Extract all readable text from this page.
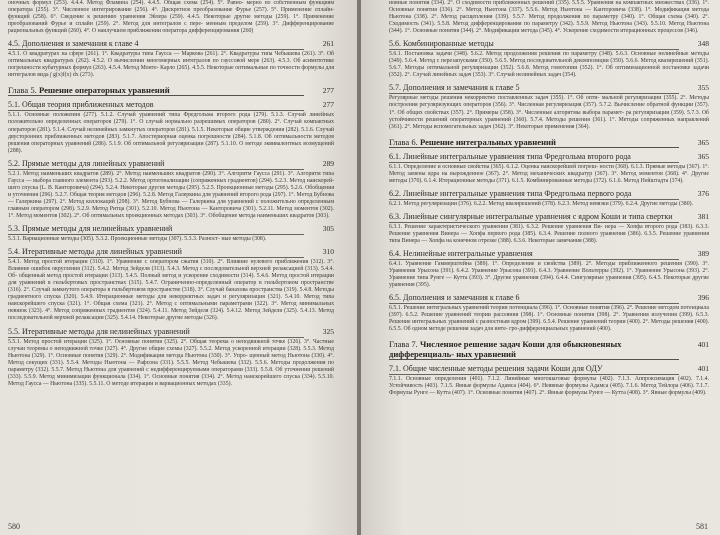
оночных формул (253). 4.4.4. Метод Фламина (254). 4.4.5. Общая схема (254). 5°. Равно- мерно по собственным функциям оператора (255). 3°. Численное интегрирование (256). 4°. Дискретное преобразование Фурье (257). 5°. Применение сплайн-функций (258). 6°. Сведение к решению уравнения Эйлера (259). 4.4.5. Некоторые другие методы (259). 1°. Применение преобразований Фурье и сплайн (259). 2°. Метод для интегралов с пере- менным пределом (259). 3°. Дифференцирование рациональных функций (260). 4°. О наилучшем приближении оператора дифференцирования (260)

4.5. Дополнения и замечания к главе 4	261

4.5.1. О квадратурах на сфере (261). 1°. Квадратуры типа Гаусса — Маркова (261). 2°. Квадратуры типа Чебышева (261). 3°. Об оптимальных квадратурах (262). 4.5.2. О вычислении многомерных интегралов по гауссовой мере (263). 4.5.3. Об асимптотике погрешности кубатурных формул (263). 4.5.4. Метод Монте- Карло (265). 4.5.5. Некоторые оптимальные по точности формулы для интегралов вида ∫ g(x)f(x) dx (273).

Глава 5. Решение операторных уравнений	277
5.1. Общая теория приближенных методов	277

5.1.1. Основные положения (277). 5.1.2. Случай уравнений типа Фредгольма второго рода (279). 5.1.3. Случай линейных положительно определенных операторов (279). 1°. О случай нормально разрешимых операторов (280). 2°. Случай компактных операторов (281). 5.1.4. Случай нелинейных замкнутых операторов (281). 5.1.5. Некоторые общие утверждения (282). 5.1.6. Случай двусторонних приближенных методов (283). 5.1.7. Апостериорная оценка погрешности (284). 5.1.8. Об оптимальности методов решения операторных уравнений (286). 5.1.9. Об оптимальной регуляризации (287). 5.1.10. О методе эквивалентных возмущений (288).

5.2. Прямые методы для линейных уравнений	289

5.2.1. Метод наименьших квадратов (289). 2°. Метод наименьших квадратов (290). 3°. Алгоритм Гаусса (291). 3°. Алгоритм типа Гаусса — выбора главного элемента (293). 5.2.2. Метод ортогонализации (сопряженных градиентов) (294). 5.2.3. Метод наискорей- шего спуска (L. В. Канторовича) (294). 5.2.4. Некоторые другие методы (295). 5.2.5. Проекционные методы (295). 5.2.6. Обобщения и уточнения (296). 5.2.7. Общая теория методов (296). 5.2.8. Метод Галеркина для уравнений второго рода (297). 1°. Метод Бубнова — Галеркина (297). 2°. Метод коллокаций (298). 3°. Метод Бубнова — Галеркина для уравнений с положительно определенным главным оператором (298). 5.2.9. Метод Ритца (301). 5.2.10. Метод Ньютона — Канторовича (301). 5.2.11. Метод моментов (302). 1°. Метод моментов (302). 2°. Об оптимальных проекционных методах (303). 3°. Обобщение метода наименьших квадратов (303).

5.3. Прямые методы для нелинейных уравнений	305

5.3.1. Вариационные методы (305). 5.3.2. Проекционные методы (307). 5.3.3. Разност- ные методы (308).

5.4. Итеративные методы для линейных уравнений	310

5.4.1. Метод простой итерации (310). 1°. Уравнение с оператором сжатия (310). 2°. Влияние нулевого приближения (312). 3°. Влияние ошибок округления (312). 5.4.2. Метод Зейделя (313). 5.4.3. Метод с последовательной верхней релаксацией (313). 5.4.4. Об- общенный метод простой итерации (313). 5.4.5. Полный метод и ускорение сходимости (314). 5.4.6. Метод простой итерации для уравнений в гильбертовых пространствах (315). 5.4.7. Ограниченно-определенный оператор в гильбертовом пространстве (316). 2°. Случай замкнутого оператора в гильбертовом пространстве (318). 3°. Случай банахова пространства (319). 5.4.8. Методы градиентного спуска (320). 5.4.9. Итерационные методы для некорректных задач и регуляризация (321). 5.4.10. Метод типа наискорейшего спуска (321). 1°. Общая схема (321). 2°. Метод с оптимальными параметрами (322). 3°. Метод минимальных невязок (323). 4°. Метод сопряженных градиентов (324). 5.4.11. Метод Зейделя (324). 5.4.12. Метод Зейделя (325). 5.4.13. Метод последовательной верхней релаксации (325). 5.4.14. Некоторые другие методы (326).

5.5. Итеративные методы для нелинейных уравнений	325

5.5.1. Метод простой итерации (325). 1°. Основные понятия (325). 2°. Общая теорема о неподвижной точке (326). 3°. Частные случаи теоремы о неподвижной точке (327). 4°. Другие общие схемы (327). 5.5.2. Метод ускоренной итерации (328). 5.5.3. Метод Ньютона (329). 1°. Основные понятия (329). 2°. Модификации метода Ньютона (330). 3°. Упро- щенный метод Ньютона (330). 4°. Метод секущих (331). 5.5.4. Методы Ньютона — Рафсона (331). 5.5.5. Метод Чебышева (332). 5.5.6. Методы продолжения по параметру (332). 5.5.7. Метод Ньютона для уравнений с недифференцируемыми операторами (333). 5.5.8. Об уточнении решений (333). 5.5.9. Метод минимизации функционала (334). 1°. Основные понятия (334). 2°. Метод наискорейшего спуска (334). 5.5.10. Метод Гаусса — Ньютона (335). 5.5.11. О методе итерации и вариационных методах (335).

580

новные понятия (334). 2°. О сходимости приближенных решений (335). 5.5.5. Уравнения на компактных множествах (336). 1°. Основные понятия (336). 2°. Метод Ньютона (337). 5.5.6. Метод Ньютона — Канторовича (338). 1°. Модификация метода Ньютона (338). 2°. Метод расщепления (339). 5.5.7. Метод продолжения по параметру (340). 1°. Общая схема (340). 2°. Сходимость (341). 5.5.8. Метод дифференцирования по параметру (342). 5.5.9. Метод Ньютона (343). 5.5.10. Метод Ньютона (344). 1°. Основные понятия (344). 2°. Модификации метода (345). 4°. Ускорение сходимости итерационных процессов (346).

5.6. Комбинированные методы	348

5.6.1. Постановка задачи (348). 5.6.2. Метод продолжения решения по параметру (348). 5.6.3. Основные нелинейные методы (349). 5.6.4. Метод с перезапусками (350). 5.6.5. Метод последовательной декомпозиции (350). 5.6.6. Метод квазирешений (351). 5.6.7. Методы оптимальной регуляризации (352). 5.6.8. Метод гомотопии (352). 1°. Об оптимизационной постановке задачи (352). 2°. Случай линейных задач (353). 3°. Случай нелинейных задач (354).

5.7. Дополнения и замечания к главе 5	355

Регулярные методы решения некорректно поставленных задач (355). 1°. Об опти- мальной регуляризации (355). 2°. Методы построения регуляризующих операторов (356). 3°. Численная регуляризация (357). 5.7.2. Вычисление обратной функции (357). 1°. Об общих свойствах (357). 2°. Примеры (358). 3°. Численные алгоритмы выбора парамет- ра регуляризации (359). 5.7.3. Об устойчивости решений операторных уравнений (360). 5.7.4. Методы решения (361). 1°. Методы сопряженных направлений (361). 2°. Методы вспомогательных задач (362). 3°. Некоторые применения (364).

Глава 6. Решение интегральных уравнений	365
6.1. Линейные интегральные уравнения типа Фредгольма второго рода	365

6.1.1. Определение и основные свойства (365). 6.1.2. Оценка наискорейшей погреш- ности (368). 6.1.3. Прямые методы (367). 1°. Метод замены ядра на вырожденное (367). 2°. Метод механических квадратур (367). 3°. Метод моментов (368). 4°. Другие методы (370). 6.1.4. Итерационные методы (371). 6.1.5. Комбинированные методы (372). 6.1.6. Метод Нейштадта (374).

6.2. Линейные интегральные уравнения типа Фредгольма первого рода	376

6.2.1. Метод регуляризации (376). 6.2.2. Метод квазирешений (378). 6.2.3. Метод невязки (379). 6.2.4. Другие методы (380).

6.3. Линейные сингулярные интегральные уравнения с ядром Коши и типа свертки	381

6.3.1. Решение характеристического уравнения (381). 6.3.2. Решение уравнения Ви- нера — Хопфа второго рода (383). 6.3.3. Решение уравнения Винера — Хопфа первого рода (385). 6.3.4. Решение полного уравнения (386). 6.3.5. Решение уравнения типа Винера — Хопфа на конечном отрезке (388). 6.3.6. Некоторые замечания (388).

6.4. Нелинейные интегральные уравнения	389

6.4.1. Уравнение Гаммерштейна (389). 1°. Определение и свойства (389). 2°. Методы приближенного решения (390). 3°. Уравнения Урысона (391). 6.4.2. Уравнение Урысона (391). 6.4.3. Уравнение Вольтерры (392). 1°. Уравнение Урысона (393). 2°. Уравнение типа Рунге — Кутта (393). 3°. Другие уравнения (394). 6.4.4. Сингулярные уравнения (395). 6.4.5. Некоторые другие уравнения (395).

6.5. Дополнения и замечания к главе 6	396

6.5.1. Решение интегральных уравнений теории потенциала (396). 1°. Основные понятия (396). 2°. Решение методом потенциала (397). 6.5.2. Решение уравнений теории рассеяния (398). 1°. Основные понятия (398). 2°. Уравнения излучения (399). 6.5.3. Решение интегральных уравнений с разностным ядром (399). 6.5.4. Решение уравнений теории (400). 2°. Методы решения (400). 6.5.5. Об одном методе решения задач для инте- гро-дифференциальных уравнений (400).

Глава 7. Численное решение задач Коши для обыкновенных дифференциаль- ных уравнений
401
7.1. Общие численные методы решения задачи Коши для ОДУ	401

7.1.1. Основные определения (401). 7.1.2. Линейные многошаговые формулы (402). 7.1.3. Аппроксимация (402). 7.1.4. Устойчивость (403). 7.1.5. Явные формулы Адамса (404). 6°. Неявные формулы Адамса (405). 7.1.6. Метод Тейлора (406). 7.1.7. Формулы Рунге — Кутта (407). 1°. Основные понятия (407). 2°. Явные формулы Рунге — Кутта (408). 3°. Явные формулы (409).

581
